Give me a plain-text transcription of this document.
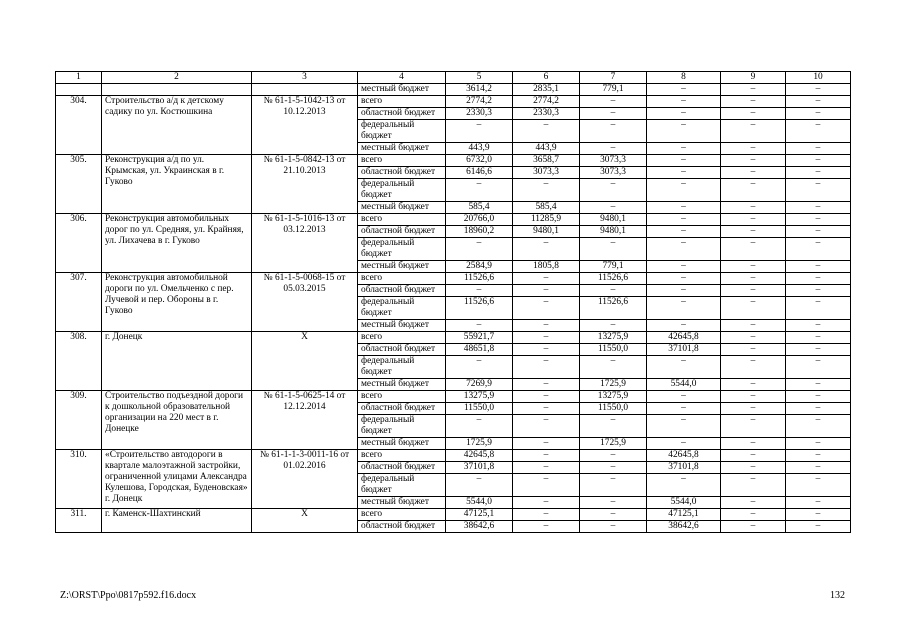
1	2	3	4	5	6	7	8	9	10
			местный бюджет	3614,2	2835,1	779,1	–	–	–
304.	Строительство а/д к детскому садику по ул. Костюшкина	№ 61-1-5-1042-13 от 10.12.2013	всего	2774,2	2774,2	–	–	–	–
			областной бюджет	2330,3	2330,3	–	–	–	–
			федеральный бюджет	–	–	–	–	–	–
			местный бюджет	443,9	443,9	–	–	–	–
305.	Реконструкция а/д по ул. Крымская, ул. Украинская в г. Гуково	№ 61-1-5-0842-13 от 21.10.2013	всего	6732,0	3658,7	3073,3	–	–	–
			областной бюджет	6146,6	3073,3	3073,3	–	–	–
			федеральный бюджет	–	–	–	–	–	–
			местный бюджет	585,4	585,4	–	–	–	–
306.	Реконструкция автомобильных дорог по ул. Средняя, ул. Крайняя, ул. Лихачева в г. Гуково	№ 61-1-5-1016-13 от 03.12.2013	всего	20766,0	11285,9	9480,1	–	–	–
			областной бюджет	18960,2	9480,1	9480,1	–	–	–
			федеральный бюджет	–	–	–	–	–	–
			местный бюджет	2584,9	1805,8	779,1	–	–	–
307.	Реконструкция автомобильной дороги по ул. Омельченко с пер. Лучевой и пер. Обороны в г. Гуково	№ 61-1-5-0068-15 от 05.03.2015	всего	11526,6	–	11526,6	–	–	–
			областной бюджет	–	–	–	–	–	–
			федеральный бюджет	11526,6	–	11526,6	–	–	–
			местный бюджет	–	–	–	–	–	–
308.	г. Донецк	Х	всего	55921,7	–	13275,9	42645,8	–	–
			областной бюджет	48651,8	–	11550,0	37101,8	–	–
			федеральный бюджет	–	–	–	–	–	–
			местный бюджет	7269,9	–	1725,9	5544,0	–	–
309.	Строительство подъездной дороги к дошкольной образовательной организации на 220 мест в г. Донецке	№ 61-1-5-0625-14 от 12.12.2014	всего	13275,9	–	13275,9	–	–	–
			областной бюджет	11550,0	–	11550,0	–	–	–
			федеральный бюджет	–	–	–	–	–	–
			местный бюджет	1725,9	–	1725,9	–	–	–
310.	«Строительство автодороги в квартале малоэтажной застройки, ограниченной улицами Александра Кулешова, Городская, Буденовская» г. Донецк	№ 61-1-1-3-0011-16 от 01.02.2016	всего	42645,8	–	–	42645,8	–	–
			областной бюджет	37101,8	–	–	37101,8	–	–
			федеральный бюджет	–	–	–	–	–	–
			местный бюджет	5544,0	–	–	5544,0	–	–
311.	г. Каменск-Шахтинский	Х	всего	47125,1	–	–	47125,1	–	–
			областной бюджет	38642,6	–	–	38642,6	–	–
Z:\ORST\Ppo\0817p592.f16.docx	132
